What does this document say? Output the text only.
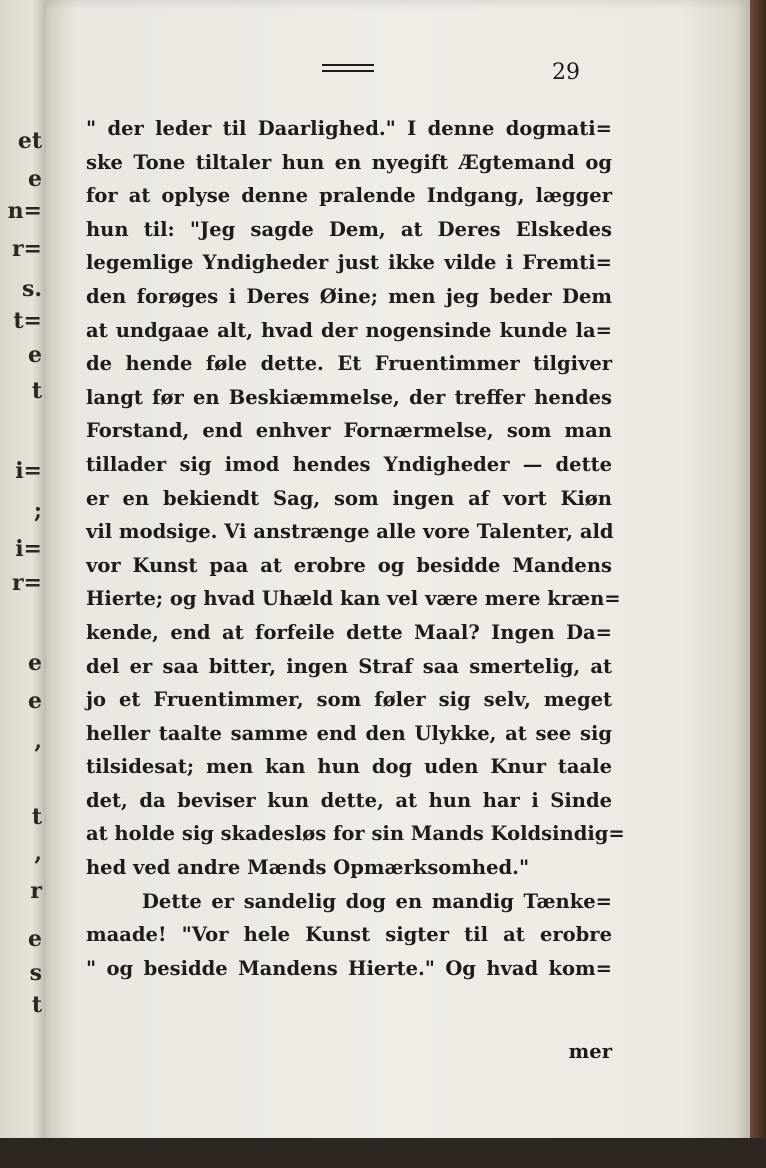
et
e
n=
r=
s.
t=
e
t
i=
;
i=
r=
e
e
,
t
,
r
e
s
t
29
" der leder til Daarlighed." I denne dogmati=
ske Tone tiltaler hun en nyegift Ægtemand og
for at oplyse denne pralende Indgang, lægger
hun til: "Jeg sagde Dem, at Deres Elskedes
legemlige Yndigheder just ikke vilde i Fremti=
den forøges i Deres Øine; men jeg beder Dem
at undgaae alt, hvad der nogensinde kunde la=
de hende føle dette. Et Fruentimmer tilgiver
langt før en Beskiæmmelse, der treffer hendes
Forstand, end enhver Fornærmelse, som man
tillader sig imod hendes Yndigheder — dette
er en bekiendt Sag, som ingen af vort Kiøn
vil modsige. Vi anstrænge alle vore Talenter, ald
vor Kunst paa at erobre og besidde Mandens
Hierte; og hvad Uhæld kan vel være mere kræn=
kende, end at forfeile dette Maal? Ingen Da=
del er saa bitter, ingen Straf saa smertelig, at
jo et Fruentimmer, som føler sig selv, meget
heller taalte samme end den Ulykke, at see sig
tilsidesat; men kan hun dog uden Knur taale
det, da beviser kun dette, at hun har i Sinde
at holde sig skadesløs for sin Mands Koldsindig=
hed ved andre Mænds Opmærksomhed."
Dette er sandelig dog en mandig Tænke=
maade! "Vor hele Kunst sigter til at erobre
" og besidde Mandens Hierte." Og hvad kom=
mer
